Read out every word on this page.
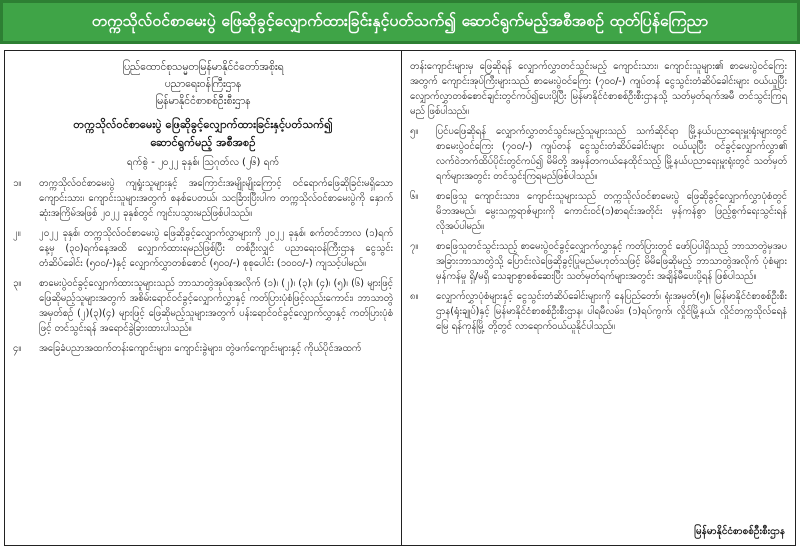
တက္ကသိုလ်ဝင်စာမေးပွဲ ဖြေဆိုခွင့်လျှောက်ထားခြင်းနှင့်ပတ်သက်၍ ဆောင်ရွက်မည့်အစီအစဉ် ထုတ်ပြန်ကြေညာ
ပြည်ထောင်စုသမ္မတမြန်မာနိုင်ငံတော်အစိုးရ
ပညာရေးဝန်ကြီးဌာန
မြန်မာနိုင်ငံစာစစ်ဦးစီးဌာန
တက္ကသိုလ်ဝင်စာမေးပွဲ ဖြေဆိုခွင့်လျှောက်ထားခြင်းနှင့်ပတ်သက်၍
ဆောင်ရွက်မည့် အစီအစဉ်
ရက်စွဲ - ၂၀၂၂ ခုနှစ်၊ ဩဂုတ်လ (၂၆) ရက်
၁။	တက္ကသိုလ်ဝင်စာမေးပွဲ ကျရှုံးသူများနှင့် အကြောင်းအမျိုးမျိုးကြောင့် ဝင်ရောက်ဖြေဆိုခြင်းမရှိသော ကျောင်းသား၊ ကျောင်းသူများအတွက် စနစ်ပေတယ်၊ သငင်္ခြားပြီးပါက တက္ကသိုလ်ဝင်စာမေးပွဲကို နှောက်ဆုံးအကြိမ်အဖြစ် ၂၀၂၂ ခုနှစ်တွင် ကျင်းပသွားမည်ဖြစ်ပါသည်။
၂။	၂၀၂၂ ခုနှစ်၊ တက္ကသိုလ်ဝင်စာမေးပွဲ ဖြေဆိုခွင့်လျှောက်လွှာများကို ၂၀၂၂ ခုနှစ်၊ စက်တင်ဘာလ (၁)ရက်နေ့မှ (၃၀)ရက်နေ့အထိ လျှောက်ထားရမည်ဖြစ်ပြီး တစ်ဦးလျှင် ပညာရေးဝန်ကြီးဌာန ငွေသွင်းတံဆိပ်ခေါင်း (၅၀၀/-)နှင့် လျှောက်လွှာတစ်စောင် (၅၀၀/-) စုစုပေါင်း (၁၀၀၀/-) ကျသင့်ပါမည်။
၃။	စာမေးပွဲဝင်ခွင့်လျှောက်ထားသူများသည် ဘာသာတွဲအုပ်စုအလိုက် (၁)၊ (၂)၊ (၃)၊ (၄)၊ (၅)၊ (၆) များဖြင့် ဖြေဆိုမည့်သူများအတွက် အစိမ်းရောင်ဝင်ခွင့်လျှောက်လွှာနှင့် ကတ်ပြားပုံစံဖြင့်လည်းကောင်း၊ ဘာသာတွဲအမှတ်စဉ် (၂)(၃)(၄) များဖြင့် ဖြေဆိုမည့်သူများအတွက် ပန်းရောင်ဝင်ခွင့်လျှောက်လွှာနှင့် ကတ်ပြားပုံစံဖြင့် တင်သွင်းရန် အရောင်ခွဲခြားထားပါသည်။
၄။	အခြေခံပညာအထက်တန်းကျောင်းများ၊ ကျောင်းခွဲများ၊ တွဲဖက်ကျောင်းများနှင့် ကိုယ်ပိုင်အထက်
တန်းကျောင်းများမှ ဖြေဆိုရန် လျှောက်လွှာတင်သွင်းမည့် ကျောင်းသား၊ ကျောင်းသူများ၏ စာမေးပွဲဝင်ကြေးအတွက် ကျောင်းအုပ်ကြီးများသည် စာမေးပွဲဝင်ကြေး (၇၀၀/-) ကျပ်တန် ငွေသွင်းတံဆိပ်ခေါင်းများ ဝယ်ယူပြီး လျှောက်လွှာတစ်စောင်ချင်းတွင်ကပ်၍ပေးပို့ပြီး မြန်မာနိုင်ငံစာစစ်ဦးစီးဌာနသို့ သတ်မှတ်ရက်အမီ တင်သွင်းကြရမည် ဖြစ်ပါသည်။
၅။	ပြင်ပဖြေဆိုရန် လျှောက်လွှာတင်သွင်းမည့်သူများသည် သက်ဆိုင်ရာ မြို့နယ်ပညာရေးမှူးရုံးများတွင် စာမေးပွဲဝင်ကြေး (၇၀၀/-) ကျပ်တန် ငွေသွင်းတံဆိပ်ခေါင်းများ ဝယ်ယူပြီး ဝင်ခွင့်လျှောက်လွှာ၏ လက်ဝဲဘက်ထိပ်ပိုင်းတွင်ကပ်၍ မိမိတို့ အမှန်တကယ်နေထိုင်သည့် မြို့နယ်ပညာရေးမှူးရုံးတွင် သတ်မှတ်ရက်များအတွင်း တင်သွင်းကြရမည်ဖြစ်ပါသည်။
၆။	စာဖြေသူ ကျောင်းသား၊ ကျောင်းသူများသည် တက္ကသိုလ်ဝင်စာမေးပွဲ ဖြေဆိုခွင့်လျှောက်လွှာပုံစံတွင် မိဘအမည်၊ မွေးသက္ကရာဇ်များကို ကောင်းဝင်(၁)စာရင်းအတိုင်း မှန်ကန်စွာ ဖြည့်စွက်ရေးသွင်းရန် လိုအပ်ပါမည်။
၇။	စာဖြေသူတင်သွင်းသည့် စာမေးပွဲဝင်ခွင့်လျှောက်လွှာနှင့် ကတ်ပြားတွင် ဖော်ပြပါရှိသည့် ဘာသာတွဲမှအပ အခြားဘာသာတွဲသို့ ပြောင်းလဲဖြေဆိုခွင့်ပြုမည်မဟုတ်သဖြင့် မိမိဖြေဆိုမည့် ဘာသာတွဲအလိုက် ပုံစံများ မှန်ကန်မှု ရှိ/မရှိ သေချာစွာစစ်ဆေးပြီး သတ်မှတ်ရက်များအတွင်း အချိန်မီပေးပို့ရန် ဖြစ်ပါသည်။
၈။	လျှောက်လွှာပုံစံများနှင့် ငွေသွင်းတံဆိပ်ခေါင်းများကို နေပြည်တော်၊ ရုံးအမှတ်(၅)၊ မြန်မာနိုင်ငံစာစစ်ဦးစီးဌာန(ရုံးချုပ်)နှင့် မြန်မာနိုင်ငံစာစစ်ဦးစီးဌာန၊ ပါရမီလမ်း၊ (၁)ရပ်ကွက်၊ လှိုင်မြို့နယ်၊ လှိုင်တက္ကသိုလ်ရေနံမြေ ရန်ကုန်မြို့ တို့တွင် လာရောက်ဝယ်ယူနိုင်ပါသည်။
မြန်မာနိုင်ငံစာစစ်ဦးစီးဌာန
